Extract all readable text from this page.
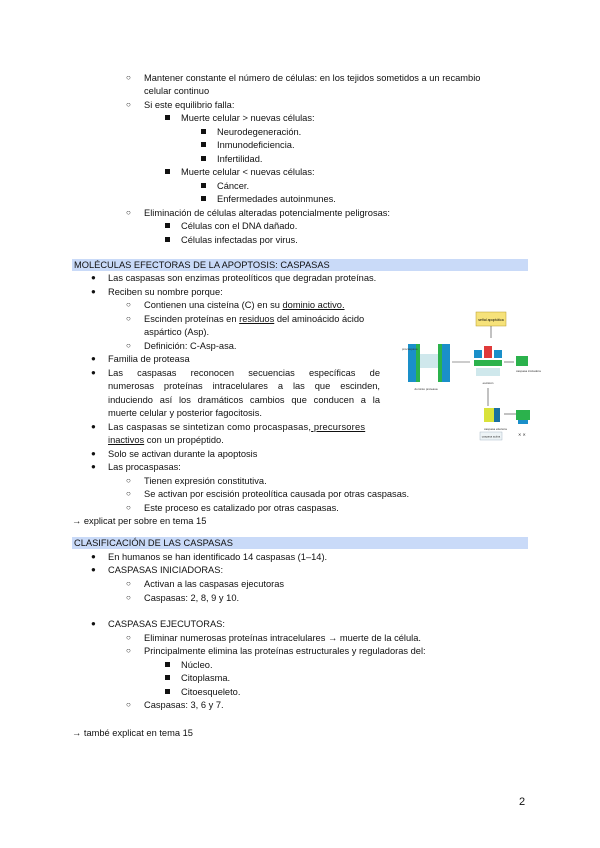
○ Mantener constante el número de células: en los tejidos sometidos a un recambio
celular continuo
○ Si este equilibrio falla:
Muerte celular > nuevas células:
Neurodegeneración.
Inmunodeficiencia.
Infertilidad.
Muerte celular < nuevas células:
Cáncer.
Enfermedades autoinmunes.
○ Eliminación de células alteradas potencialmente peligrosas:
Células con el DNA dañado.
Células infectadas por virus.
MOLÉCULAS EFECTORAS DE LA APOPTOSIS: CASPASAS
● Las caspasas son enzimas proteolíticos que degradan proteínas.
● Reciben su nombre porque:
○ Contienen una cisteína (C) en su dominio activo.
○ Escinden proteínas en residuos del aminoácido ácido
aspártico (Asp).
○ Definición: C-Asp-asa.
● Familia de proteasa
● Las caspasas reconocen secuencias específicas de
numerosas proteínas intracelulares a las que escinden,
induciendo así los dramáticos cambios que conducen a la
muerte celular y posterior fagocitosis.
● Las caspasas se sintetizan como procaspasas, precursores
inactivos con un propéptido.
● Solo se activan durante la apoptosis
● Las procaspasas:
○ Tienen expresión constitutiva.
○ Se activan por escisión proteolítica causada por otras caspasas.
○ Este proceso es catalizado por otras caspasas.
→ explicat per sobre en tema 15
señal apoptótica
procaspasa
dominio proteasa
escisión
caspasa iniciadora
caspasa efectora
caspasa activa	✕ ✕
CLASIFICACIÓN DE LAS CASPASAS
● En humanos se han identificado 14 caspasas (1–14).
● CASPASAS INICIADORAS:
○ Activan a las caspasas ejecutoras
○ Caspasas: 2, 8, 9 y 10.
● CASPASAS EJECUTORAS:
○ Eliminar numerosas proteínas intracelulares → muerte de la célula.
○ Principalmente elimina las proteínas estructurales y reguladoras del:
Núcleo.
Citoplasma.
Citoesqueleto.
○ Caspasas: 3, 6 y 7.
→ també explicat en tema 15
2
